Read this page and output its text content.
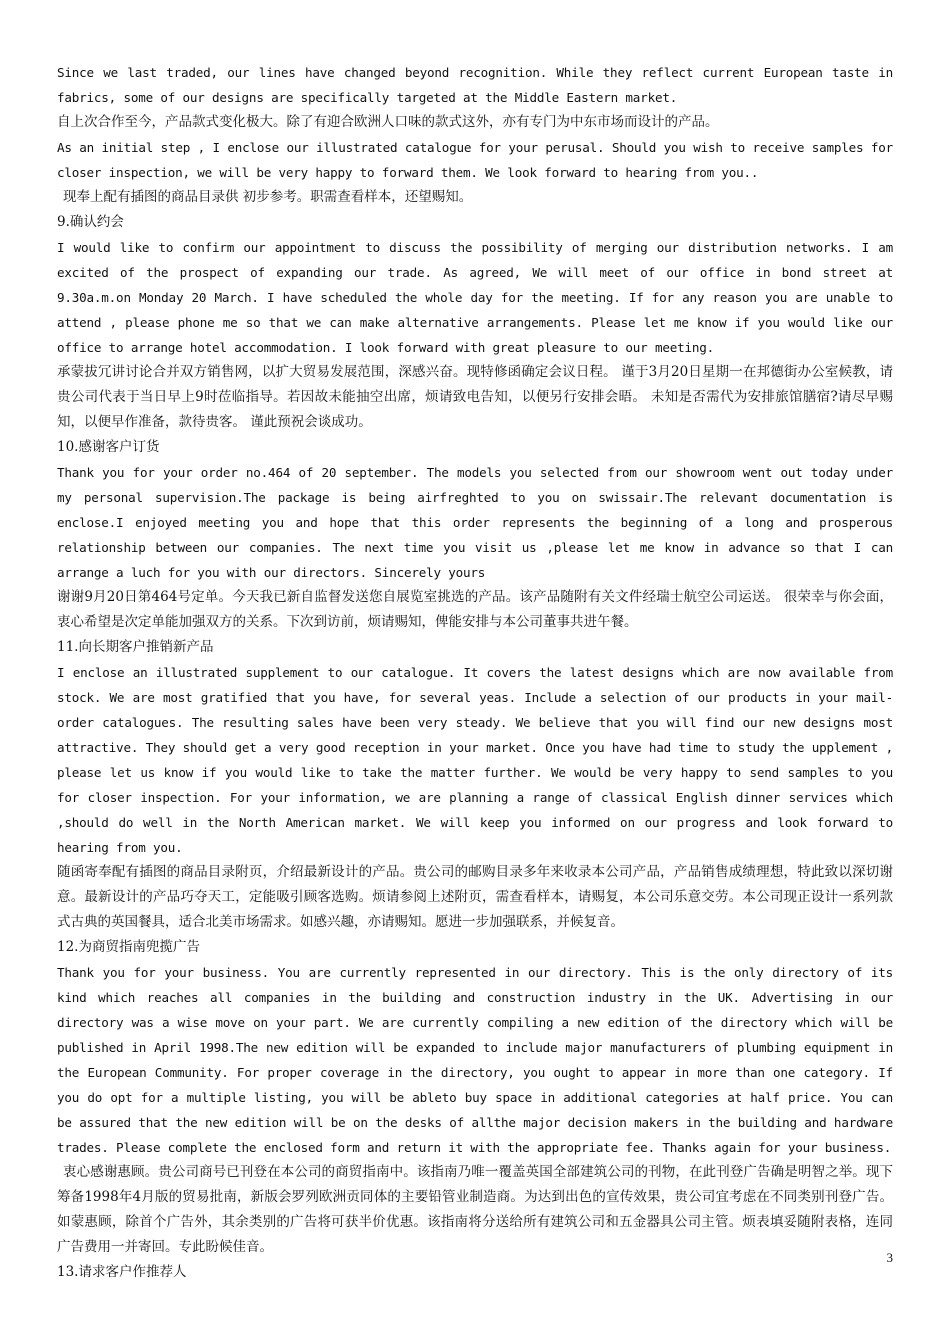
Since we last traded, our lines have changed beyond recognition. While they reflect current European taste in fabrics, some of our designs are specifically targeted at the Middle Eastern market.

自上次合作至今，产品款式变化极大。除了有迎合欧洲人口味的款式这外，亦有专门为中东市场而设计的产品。

As an initial step , I enclose our illustrated catalogue for your perusal. Should you wish to receive samples for closer inspection, we will be very happy to forward them. We look forward to hearing from you..

现奉上配有插图的商品目录供 初步参考。职需查看样本，还望赐知。

9.确认约会

I would like to confirm our appointment to discuss the possibility of merging our distribution networks. I am excited of the prospect of expanding our trade. As agreed, We will meet of our office in bond street at 9.30a.m.on Monday 20 March. I have scheduled the whole day for the meeting. If for any reason you are unable to attend , please phone me so that we can make alternative arrangements. Please let me know if you would like our office to arrange hotel accommodation. I look forward with great pleasure to our meeting.

承蒙拔冗讲讨论合并双方销售网，以扩大贸易发展范围，深感兴奋。现特修函确定会议日程。 谨于3月20日星期一在邦德街办公室候教，请贵公司代表于当日早上9时莅临指导。若因故未能抽空出席，烦请致电告知，以便另行安排会晤。 未知是否需代为安排旅馆膳宿?请尽早赐知，以便早作准备，款待贵客。 谨此预祝会谈成功。

10.感谢客户订货

Thank you for your order no.464 of 20 september. The models you selected from our showroom went out today under my personal supervision.The package is being airfreghted to you on swissair.The relevant documentation is enclose.I enjoyed meeting you and hope that this order represents the beginning of a long and prosperous relationship between our companies. The next time you visit us ,please let me know in advance so that I can arrange a luch for you with our directors. Sincerely yours

谢谢9月20日第464号定单。今天我已新自监督发送您自展览室挑选的产品。该产品随附有关文件经瑞士航空公司运送。 很荣幸与你会面，衷心希望是次定单能加强双方的关系。下次到访前，烦请赐知，俾能安排与本公司董事共进午餐。

11.向长期客户推销新产品

I enclose an illustrated supplement to our catalogue. It covers the latest designs which are now available from stock. We are most gratified that you have, for several yeas. Include a selection of our products in your mail-order catalogues. The resulting sales have been very steady. We believe that you will find our new designs most attractive. They should get a very good reception in your market. Once you have had time to study the upplement , please let us know if you would like to take the matter further. We would be very happy to send samples to you for closer inspection. For your information, we are planning a range of classical English dinner services which ,should do well in the North American market. We will keep you informed on our progress and look forward to hearing from you.

随函寄奉配有插图的商品目录附页，介绍最新设计的产品。贵公司的邮购目录多年来收录本公司产品，产品销售成绩理想，特此致以深切谢意。最新设计的产品巧夺天工，定能吸引顾客选购。烦请参阅上述附页，需查看样本，请赐复，本公司乐意交劳。本公司现正设计一系列款式古典的英国餐具，适合北美市场需求。如感兴趣，亦请赐知。愿进一步加强联系，并候复音。

12.为商贸指南兜揽广告

Thank you for your business. You are currently represented in our directory. This is the only directory of its kind which reaches all companies in the building and construction industry in the UK. Advertising in our directory was a wise move on your part. We are currently compiling a new edition of the directory which will be published in April 1998.The new edition will be expanded to include major manufacturers of plumbing equipment in the European Community. For proper coverage in the directory, you ought to appear in more than one category. If you do opt for a multiple listing, you will be ableto buy space in additional categories at half price. You can be assured that the new edition will be on the desks of allthe major decision makers in the building and hardware trades. Please complete the enclosed form and return it with the appropriate fee. Thanks again for your business.

衷心感谢惠顾。贵公司商号已刊登在本公司的商贸指南中。该指南乃唯一覆盖英国全部建筑公司的刊物，在此刊登广告确是明智之举。现下筹备1998年4月版的贸易批南，新版会罗列欧洲贡同体的主要铅管业制造商。为达到出色的宣传效果，贵公司宜考虑在不同类别刊登广告。如蒙惠顾，除首个广告外，其余类别的广告将可获半价优惠。该指南将分送给所有建筑公司和五金器具公司主管。烦表填妥随附表格，连同广告费用一并寄回。专此盼候佳音。

13.请求客户作推荐人

3
